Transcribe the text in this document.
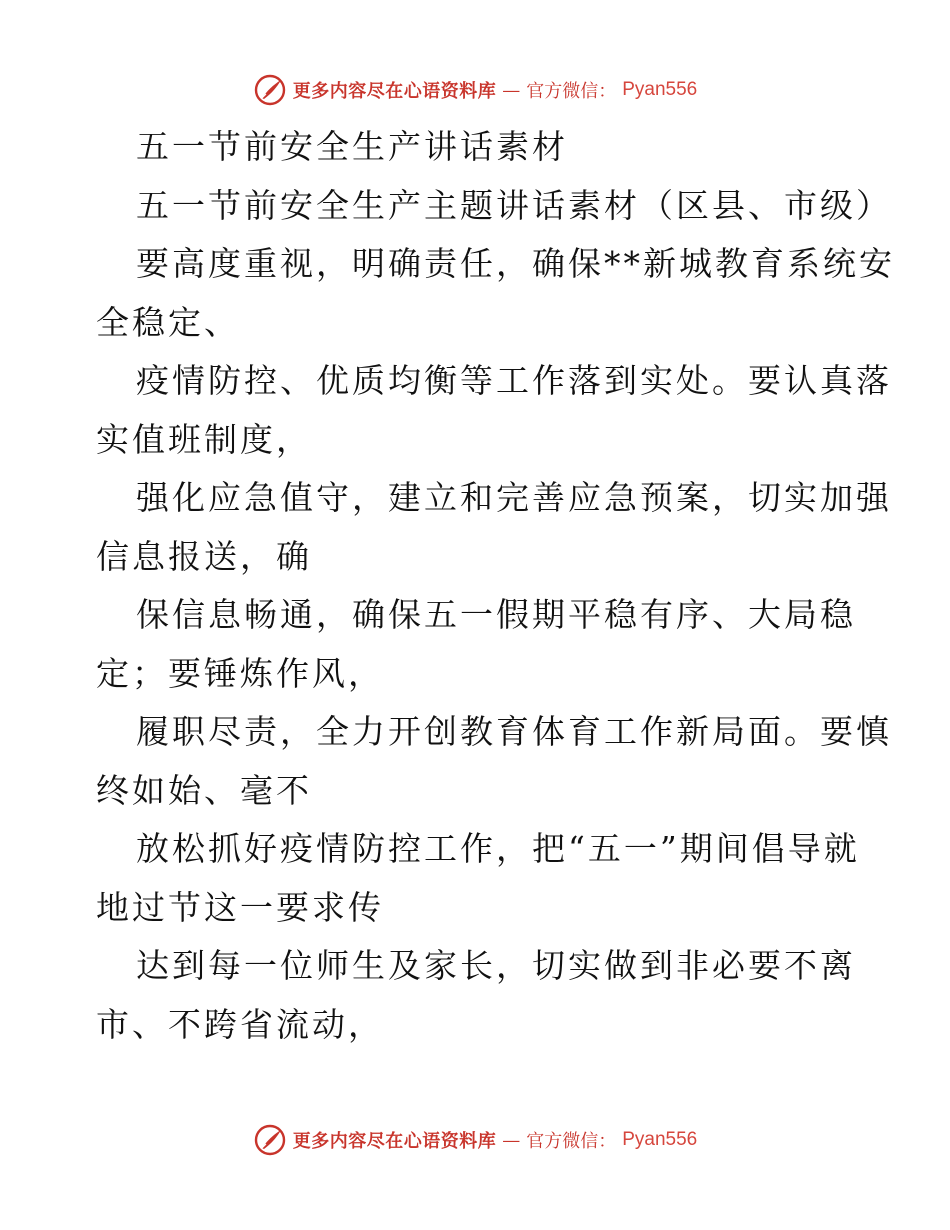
更多内容尽在心语资料库 — 官方微信： Pyan556
五一节前安全生产讲话素材
五一节前安全生产主题讲话素材（区县、市级）
要高度重视，明确责任，确保**新城教育系统安
全稳定、
疫情防控、优质均衡等工作落到实处。要认真落
实值班制度，
强化应急值守，建立和完善应急预案，切实加强
信息报送，确
保信息畅通，确保五一假期平稳有序、大局稳
定；要锤炼作风，
履职尽责，全力开创教育体育工作新局面。要慎
终如始、毫不
放松抓好疫情防控工作，把“五一”期间倡导就
地过节这一要求传
达到每一位师生及家长，切实做到非必要不离
市、不跨省流动，
更多内容尽在心语资料库 — 官方微信： Pyan556
